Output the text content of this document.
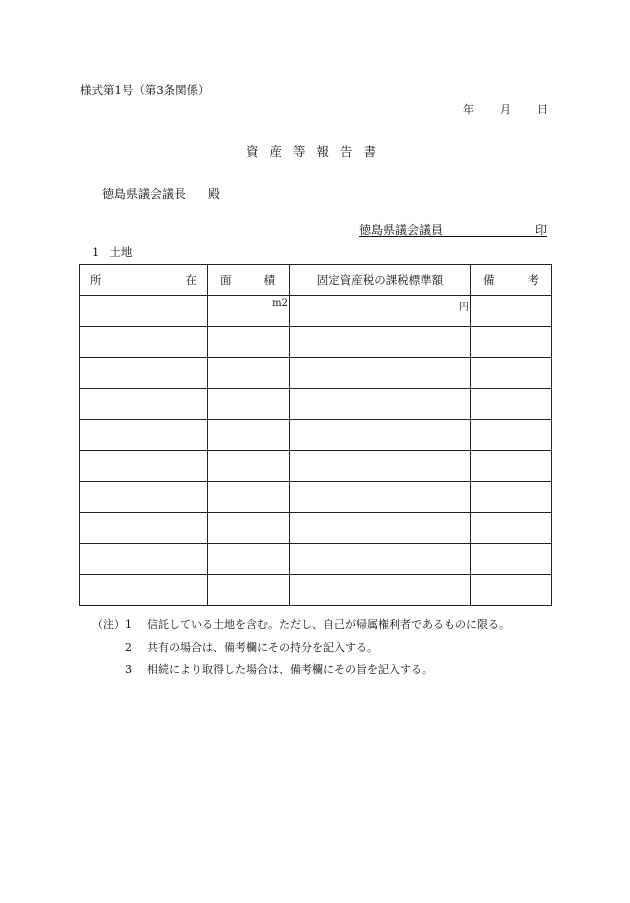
様式第1号（第3条関係）
年 月 日
資産等報告書
徳島県議会議長 殿
徳島県議会議員	印
1 土地
所 在	面 積	固定資産税の課税標準額	備 考

	m2	円	

（注） 1	信託している土地を含む。ただし、自己が帰属権利者であるものに限る。
2	共有の場合は、備考欄にその持分を記入する。
3	相続により取得した場合は、備考欄にその旨を記入する。
